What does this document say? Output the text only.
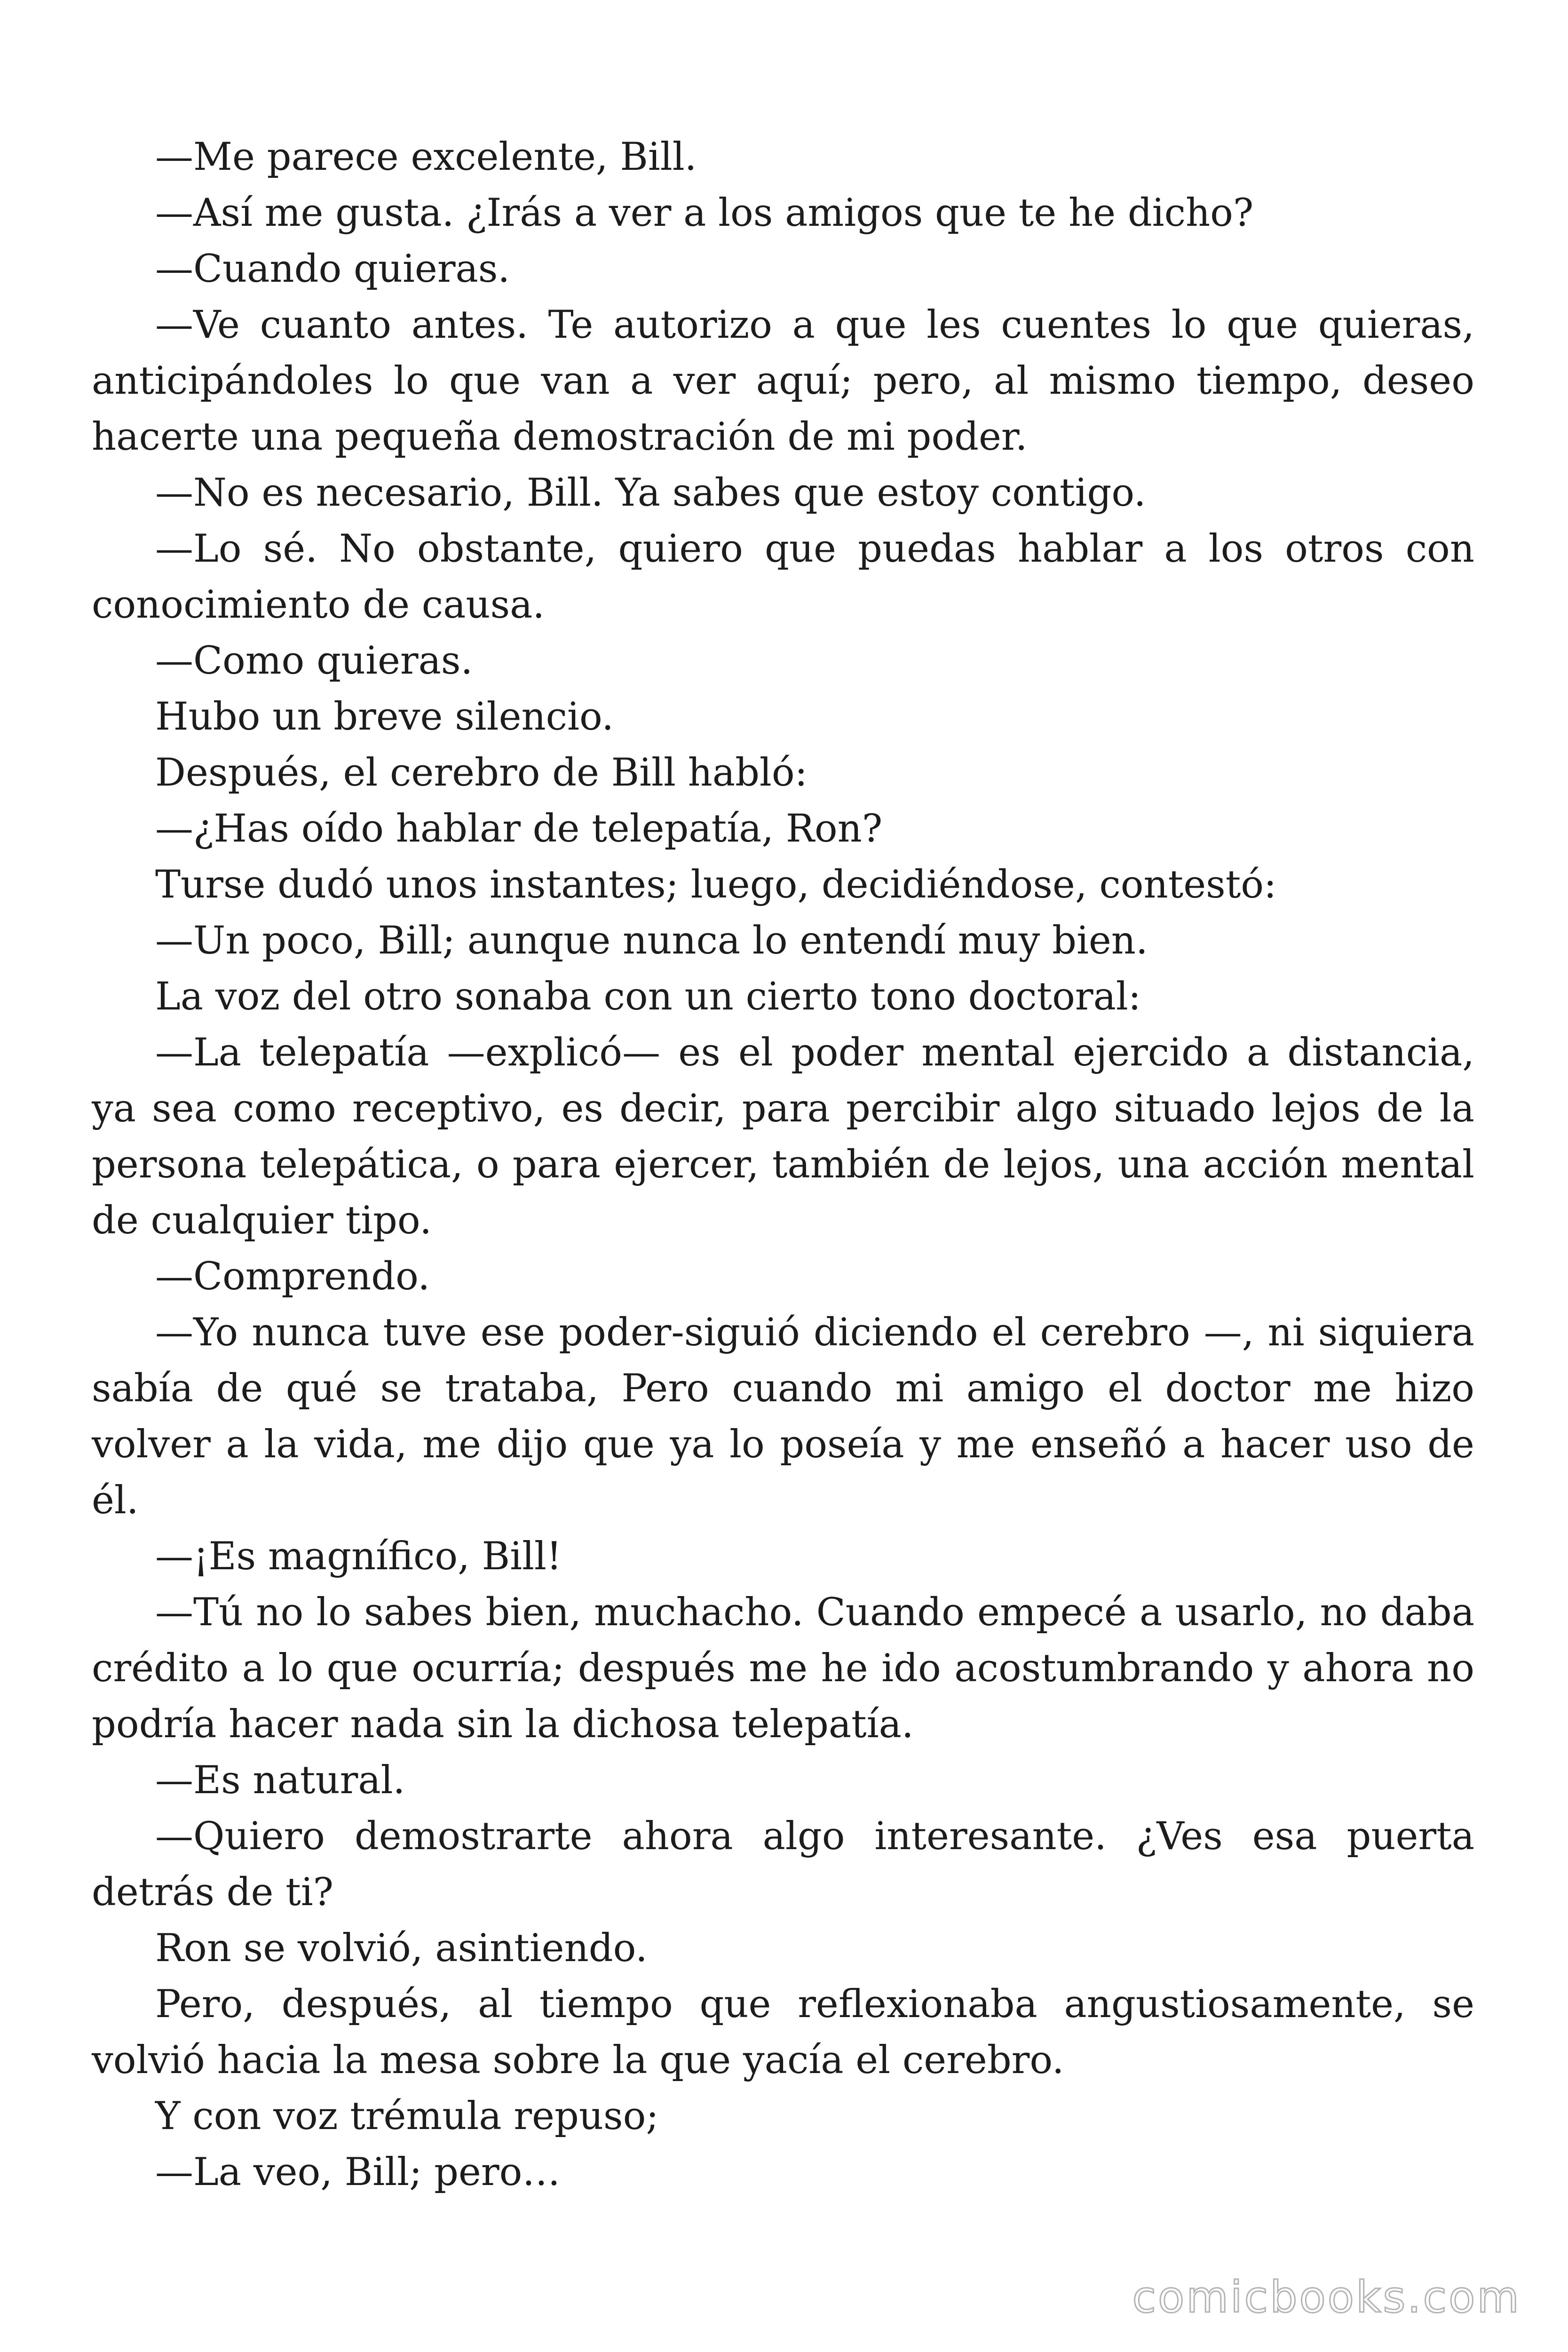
—Me parece excelente, Bill.

—Así me gusta. ¿Irás a ver a los amigos que te he dicho?

—Cuando quieras.

—Ve cuanto antes. Te autorizo a que les cuentes lo que quieras, anticipándoles lo que van a ver aquí; pero, al mismo tiempo, deseo hacerte una pequeña demostración de mi poder.

—No es necesario, Bill. Ya sabes que estoy contigo.

—Lo sé. No obstante, quiero que puedas hablar a los otros con conocimiento de causa.

—Como quieras.

Hubo un breve silencio.

Después, el cerebro de Bill habló:

—¿Has oído hablar de telepatía, Ron?

Turse dudó unos instantes; luego, decidiéndose, contestó:

—Un poco, Bill; aunque nunca lo entendí muy bien.

La voz del otro sonaba con un cierto tono doctoral:

—La telepatía —explicó— es el poder mental ejercido a distancia, ya sea como receptivo, es decir, para percibir algo situado lejos de la persona telepática, o para ejercer, también de lejos, una acción mental de cualquier tipo.

—Comprendo.

—Yo nunca tuve ese poder-siguió diciendo el cerebro —, ni siquiera sabía de qué se trataba, Pero cuando mi amigo el doctor me hizo volver a la vida, me dijo que ya lo poseía y me enseñó a hacer uso de él.

—¡Es magnífico, Bill!

—Tú no lo sabes bien, muchacho. Cuando empecé a usarlo, no daba crédito a lo que ocurría; después me he ido acostumbrando y ahora no podría hacer nada sin la dichosa telepatía.

—Es natural.

—Quiero demostrarte ahora algo interesante. ¿Ves esa puerta detrás de ti?

Ron se volvió, asintiendo.

Pero, después, al tiempo que reflexionaba angustiosamente, se volvió hacia la mesa sobre la que yacía el cerebro.

Y con voz trémula repuso;

—La veo, Bill; pero…

comicbooks.com
